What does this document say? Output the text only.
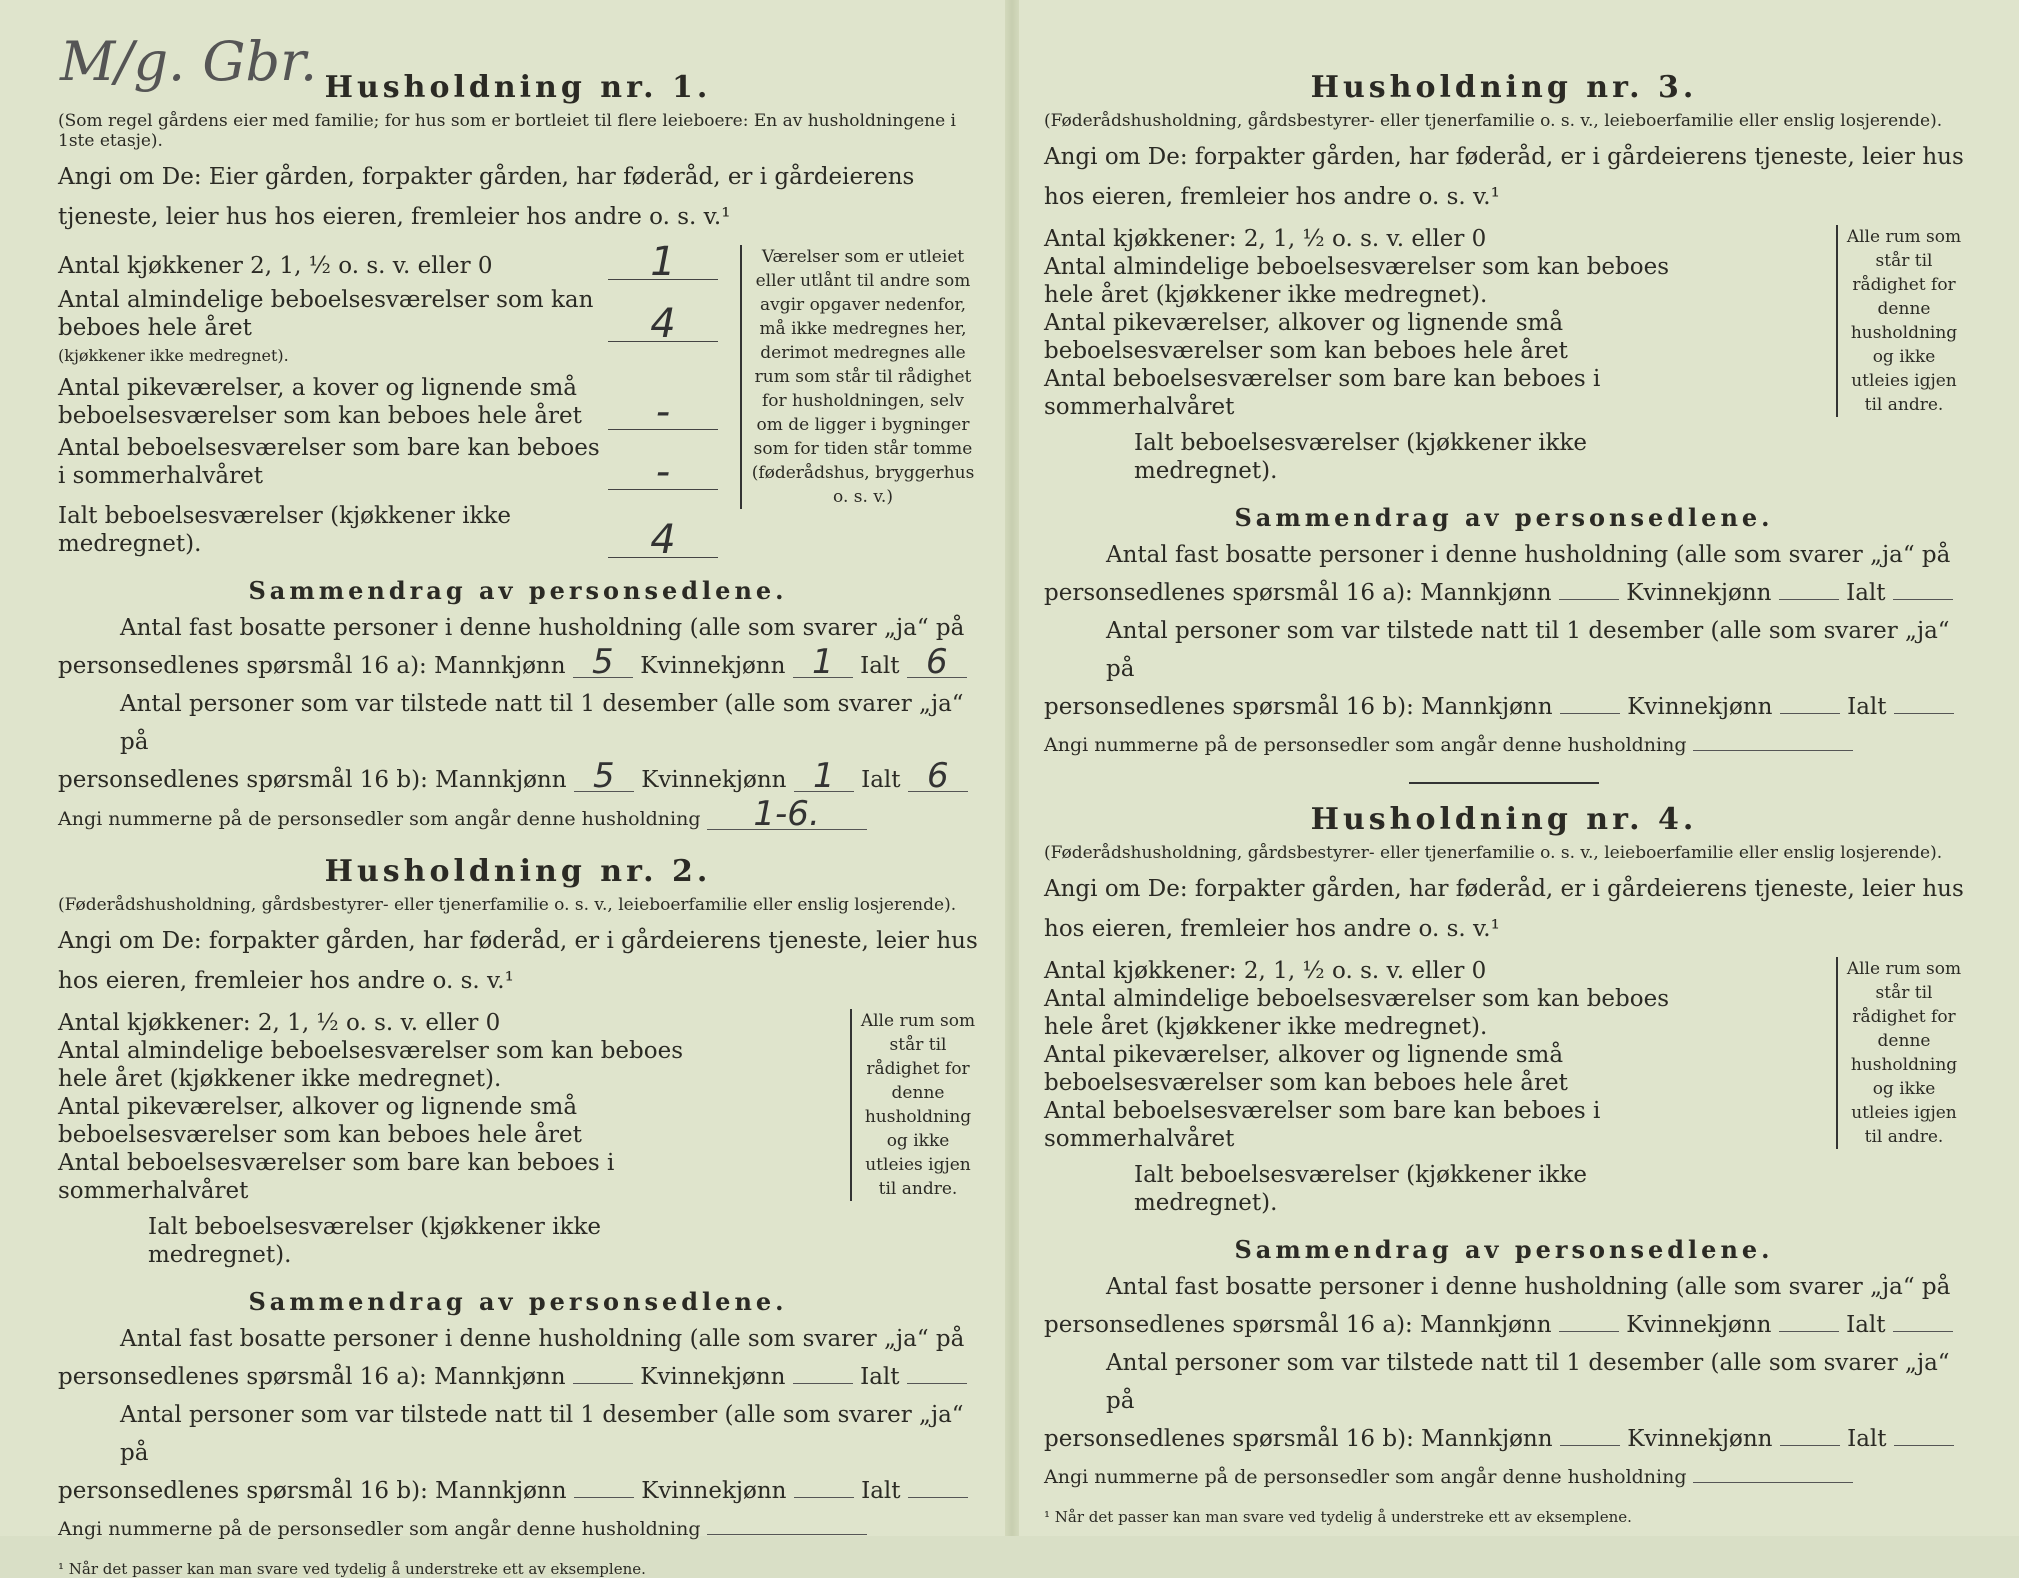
M/g. Gbr. Husholdning nr. 1.
(Som regel gårdens eier med familie; for hus som er bortleiet til flere leieboere: En av husholdningene i 1ste etasje).
Angi om De: Eier gården, forpakter gården, har føderåd, er i gårdeierens tjeneste, leier hus hos eieren, fremleier hos andre o. s. v.¹
Antal kjøkkener 2, 1, ½ o. s. v. eller 0	1
Antal almindelige beboelsesværelser som kan beboes hele året	4
(kjøkkener ikke medregnet).
Antal pikeværelser, a kover og lignende små beboelsesværelser som kan beboes hele året	-
Antal beboelsesværelser som bare kan beboes i sommerhalvåret	-
Ialt beboelsesværelser (kjøkkener ikke medregnet).	4
Værelser som er utleiet eller utlånt til andre som avgir opgaver nedenfor, må ikke medregnes her, derimot medregnes alle rum som står til rådighet for husholdningen, selv om de ligger i bygninger som for tiden står tomme (føderådshus, bryggerhus o. s. v.)
Sammendrag av personsedlene.
Antal fast bosatte personer i denne husholdning (alle som svarer „ja“ på
personsedlenes spørsmål 16 a): Mannkjønn 5 Kvinnekjønn 1 Ialt 6
Antal personer som var tilstede natt til 1 desember (alle som svarer „ja“ på
personsedlenes spørsmål 16 b): Mannkjønn 5 Kvinnekjønn 1 Ialt 6
Angi nummerne på de personsedler som angår denne husholdning 1-6.
Husholdning nr. 2.
(Føderådshusholdning, gårdsbestyrer- eller tjenerfamilie o. s. v., leieboerfamilie eller enslig losjerende).
Angi om De: forpakter gården, har føderåd, er i gårdeierens tjeneste, leier hus hos eieren, fremleier hos andre o. s. v.¹
Antal kjøkkener: 2, 1, ½ o. s. v. eller 0
Antal almindelige beboelsesværelser som kan beboes hele året (kjøkkener ikke medregnet).
Antal pikeværelser, alkover og lignende små beboelsesværelser som kan beboes hele året
Antal beboelsesværelser som bare kan beboes i sommerhalvåret
Ialt beboelsesværelser (kjøkkener ikke medregnet).
Alle rum som står til rådighet for denne husholdning og ikke utleies igjen til andre.
Sammendrag av personsedlene.
Antal fast bosatte personer i denne husholdning (alle som svarer „ja“ på
personsedlenes spørsmål 16 a): Mannkjønn	Kvinnekjønn	Ialt
Antal personer som var tilstede natt til 1 desember (alle som svarer „ja“ på
personsedlenes spørsmål 16 b): Mannkjønn	Kvinnekjønn	Ialt
Angi nummerne på de personsedler som angår denne husholdning
¹ Når det passer kan man svare ved tydelig å understreke ett av eksemplene.
Husholdning nr. 3.
(Føderådshusholdning, gårdsbestyrer- eller tjenerfamilie o. s. v., leieboerfamilie eller enslig losjerende).
Angi om De: forpakter gården, har føderåd, er i gårdeierens tjeneste, leier hus hos eieren, fremleier hos andre o. s. v.¹
Antal kjøkkener: 2, 1, ½ o. s. v. eller 0
Antal almindelige beboelsesværelser som kan beboes hele året (kjøkkener ikke medregnet).
Antal pikeværelser, alkover og lignende små beboelsesværelser som kan beboes hele året
Antal beboelsesværelser som bare kan beboes i sommerhalvåret
Ialt beboelsesværelser (kjøkkener ikke medregnet).
Alle rum som står til rådighet for denne husholdning og ikke utleies igjen til andre.
Sammendrag av personsedlene.
Antal fast bosatte personer i denne husholdning (alle som svarer „ja“ på
personsedlenes spørsmål 16 a): Mannkjønn	Kvinnekjønn	Ialt
Antal personer som var tilstede natt til 1 desember (alle som svarer „ja“ på
personsedlenes spørsmål 16 b): Mannkjønn	Kvinnekjønn	Ialt
Angi nummerne på de personsedler som angår denne husholdning
Husholdning nr. 4.
(Føderådshusholdning, gårdsbestyrer- eller tjenerfamilie o. s. v., leieboerfamilie eller enslig losjerende).
Angi om De: forpakter gården, har føderåd, er i gårdeierens tjeneste, leier hus hos eieren, fremleier hos andre o. s. v.¹
Antal kjøkkener: 2, 1, ½ o. s. v. eller 0
Antal almindelige beboelsesværelser som kan beboes hele året (kjøkkener ikke medregnet).
Antal pikeværelser, alkover og lignende små beboelsesværelser som kan beboes hele året
Antal beboelsesværelser som bare kan beboes i sommerhalvåret
Ialt beboelsesværelser (kjøkkener ikke medregnet).
Alle rum som står til rådighet for denne husholdning og ikke utleies igjen til andre.
Sammendrag av personsedlene.
Antal fast bosatte personer i denne husholdning (alle som svarer „ja“ på
personsedlenes spørsmål 16 a): Mannkjønn	Kvinnekjønn	Ialt
Antal personer som var tilstede natt til 1 desember (alle som svarer „ja“ på
personsedlenes spørsmål 16 b): Mannkjønn	Kvinnekjønn	Ialt
Angi nummerne på de personsedler som angår denne husholdning
¹ Når det passer kan man svare ved tydelig å understreke ett av eksemplene.
